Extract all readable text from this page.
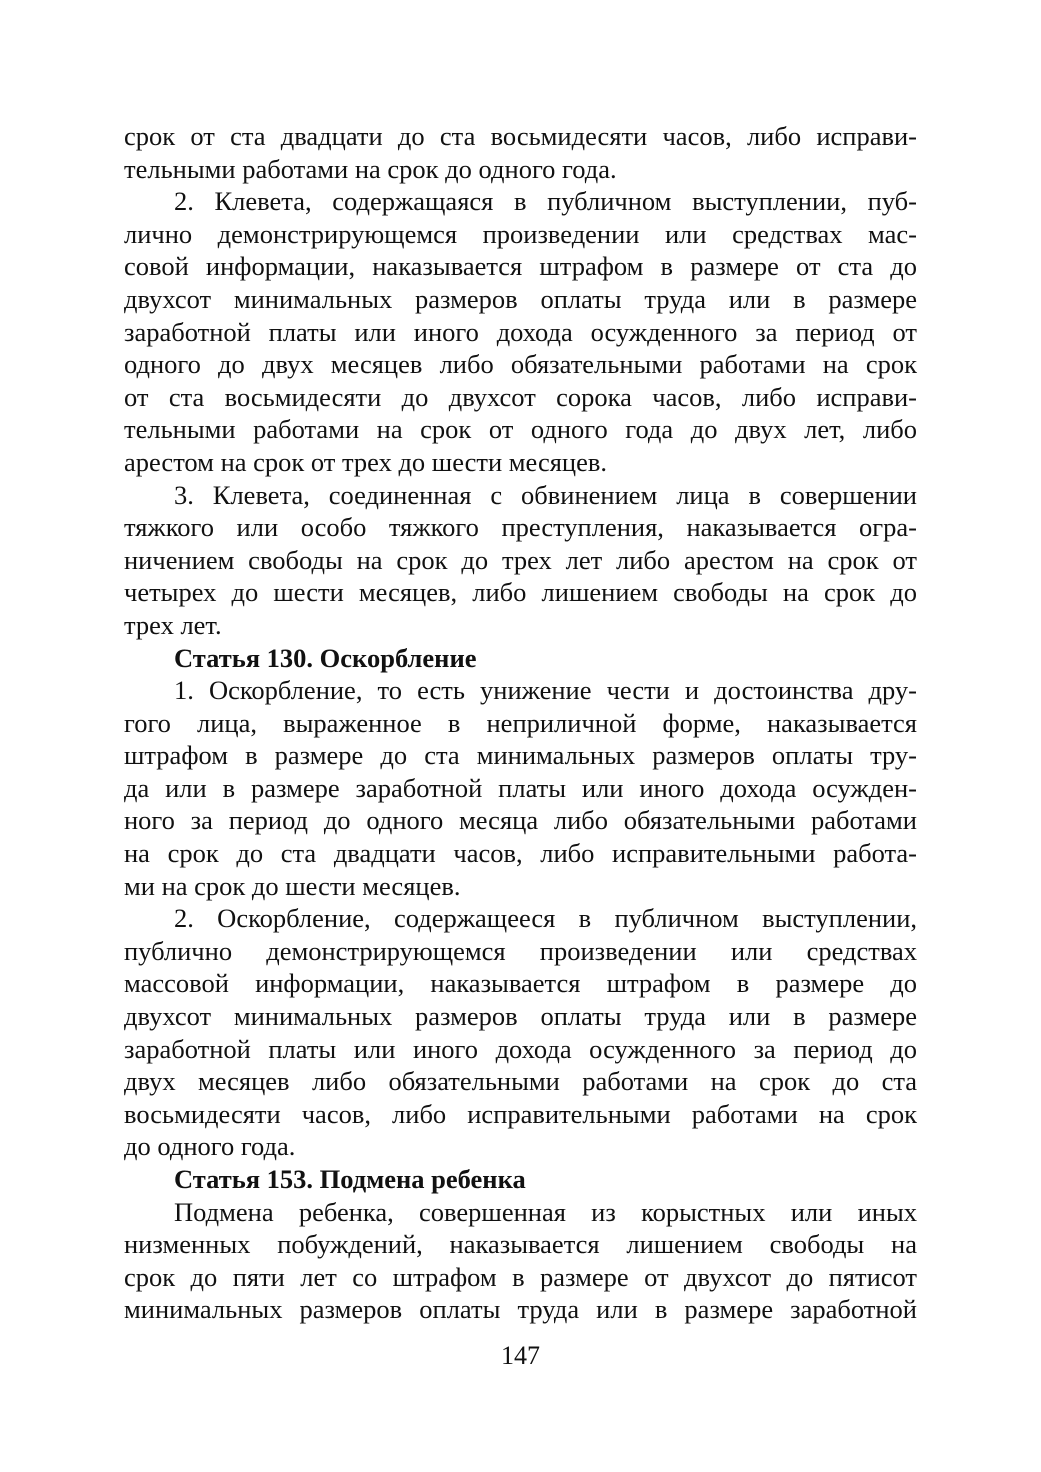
срок от ста двадцати до ста восьмидесяти часов, либо исправи-
тельными работами на срок до одного года.
2. Клевета, содержащаяся в публичном выступлении, пуб-
лично демонстрирующемся произведении или средствах мас-
совой информации, наказывается штрафом в размере от ста до
двухсот минимальных размеров оплаты труда или в размере
заработной платы или иного дохода осужденного за период от
одного до двух месяцев либо обязательными работами на срок
от ста восьмидесяти до двухсот сорока часов, либо исправи-
тельными работами на срок от одного года до двух лет, либо
арестом на срок от трех до шести месяцев.
3. Клевета, соединенная с обвинением лица в совершении
тяжкого или особо тяжкого преступления, наказывается огра-
ничением свободы на срок до трех лет либо арестом на срок от
четырех до шести месяцев, либо лишением свободы на срок до
трех лет.
Статья 130. Оскорбление
1. Оскорбление, то есть унижение чести и достоинства дру-
гого лица, выраженное в неприличной форме, наказывается
штрафом в размере до ста минимальных размеров оплаты тру-
да или в размере заработной платы или иного дохода осужден-
ного за период до одного месяца либо обязательными работами
на срок до ста двадцати часов, либо исправительными работа-
ми на срок до шести месяцев.
2. Оскорбление, содержащееся в публичном выступлении,
публично демонстрирующемся произведении или средствах
массовой информации, наказывается штрафом в размере до
двухсот минимальных размеров оплаты труда или в размере
заработной платы или иного дохода осужденного за период до
двух месяцев либо обязательными работами на срок до ста
восьмидесяти часов, либо исправительными работами на срок
до одного года.
Статья 153. Подмена ребенка
Подмена ребенка, совершенная из корыстных или иных
низменных побуждений, наказывается лишением свободы на
срок до пяти лет со штрафом в размере от двухсот до пятисот
минимальных размеров оплаты труда или в размере заработной
147
